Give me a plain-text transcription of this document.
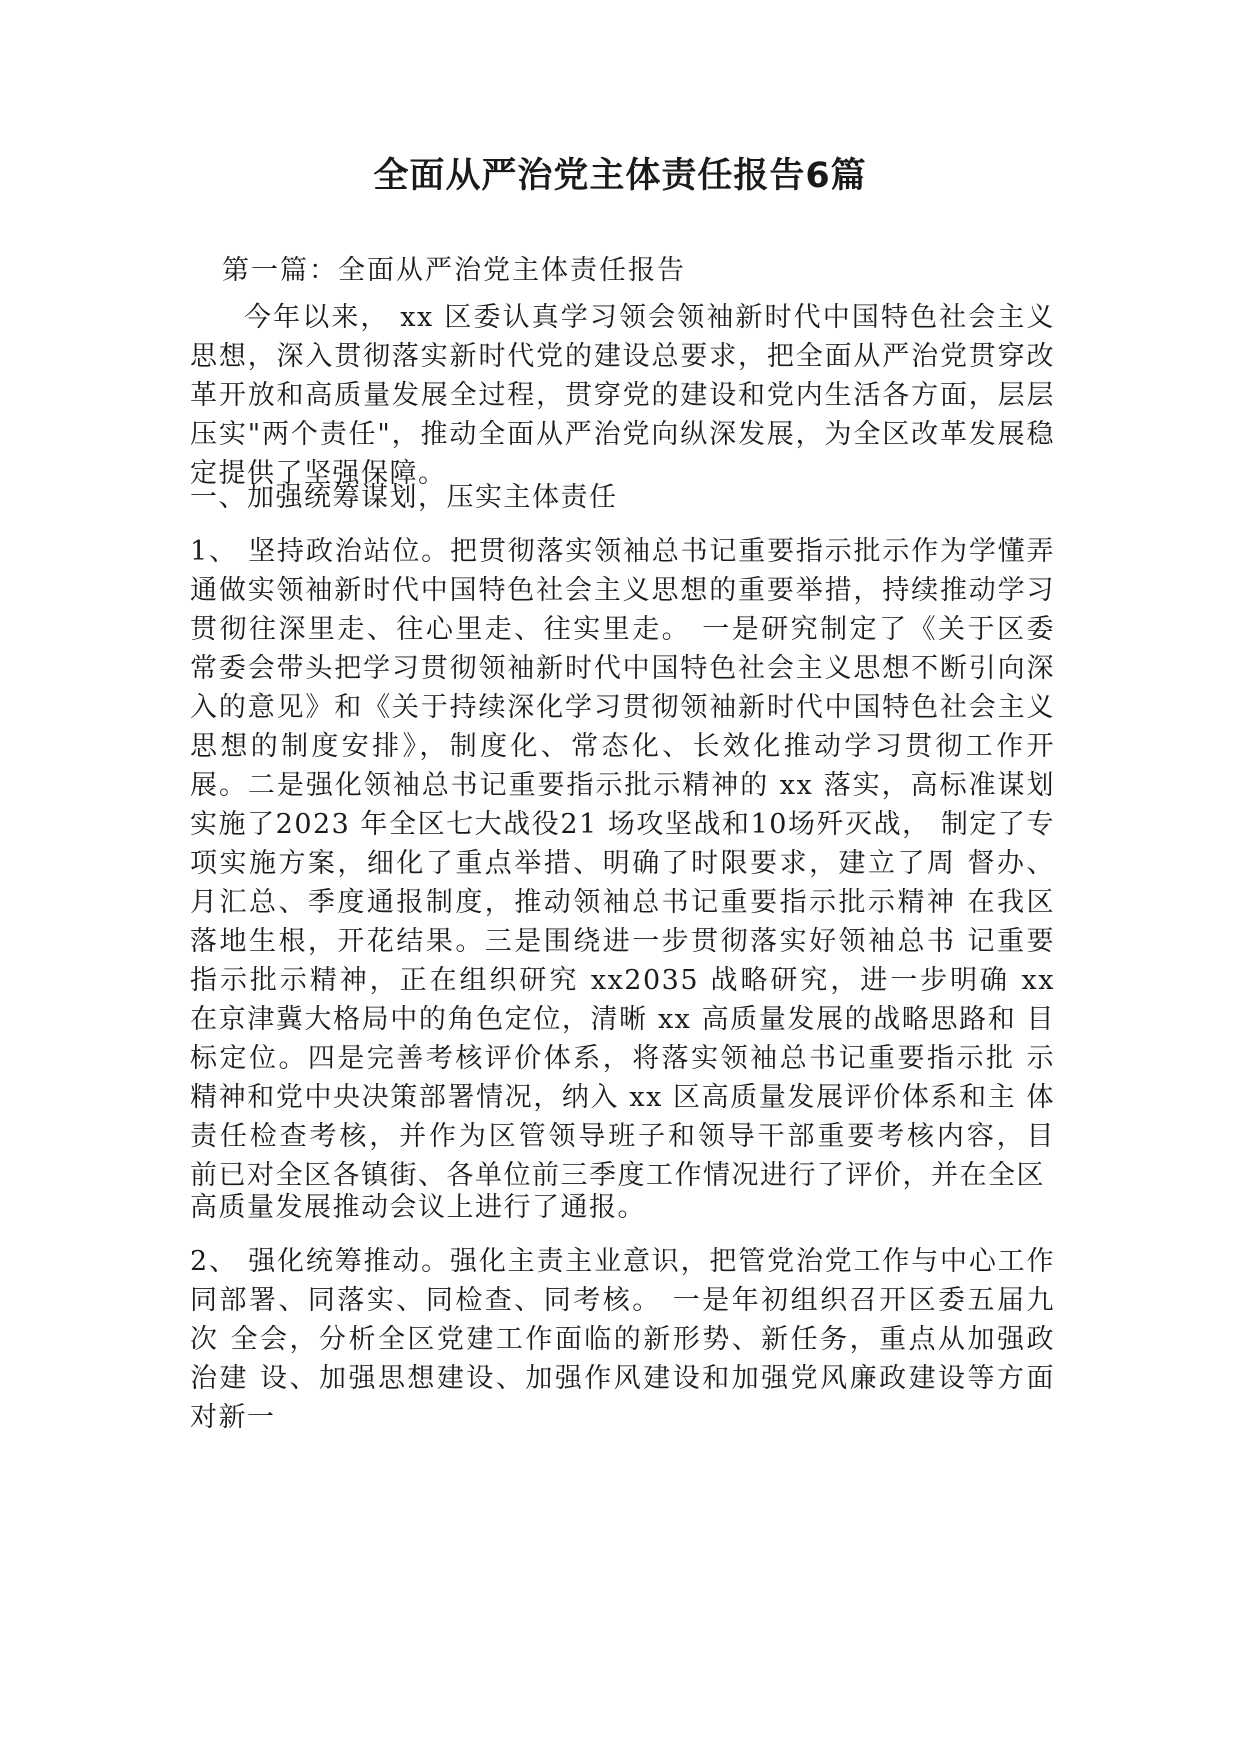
全面从严治党主体责任报告6篇

第一篇：全面从严治党主体责任报告

今年以来， xx 区委认真学习领会领袖新时代中国特色社会主义思想，深入贯彻落实新时代党的建设总要求，把全面从严治党贯穿改革开放和高质量发展全过程，贯穿党的建设和党内生活各方面，层层压实"两个责任"，推动全面从严治党向纵深发展，为全区改革发展稳定提供了坚强保障。

一、加强统筹谋划，压实主体责任

1、 坚持政治站位。把贯彻落实领袖总书记重要指示批示作为学懂弄通做实领袖新时代中国特色社会主义思想的重要举措，持续推动学习贯彻往深里走、往心里走、往实里走。 一是研究制定了《关于区委常委会带头把学习贯彻领袖新时代中国特色社会主义思想不断引向深入的意见》和《关于持续深化学习贯彻领袖新时代中国特色社会主义思想的制度安排》，制度化、常态化、长效化推动学习贯彻工作开展。二是强化领袖总书记重要指示批示精神的 xx 落实，高标准谋划实施了2023 年全区七大战役21 场攻坚战和10场歼灭战， 制定了专项实施方案，细化了重点举措、明确了时限要求，建立了周 督办、月汇总、季度通报制度，推动领袖总书记重要指示批示精神 在我区落地生根，开花结果。三是围绕进一步贯彻落实好领袖总书 记重要指示批示精神，正在组织研究 xx2035 战略研究，进一步明确 xx 在京津冀大格局中的角色定位，清晰 xx 高质量发展的战略思路和 目标定位。四是完善考核评价体系，将落实领袖总书记重要指示批 示精神和党中央决策部署情况，纳入 xx 区高质量发展评价体系和主 体责任检查考核，并作为区管领导班子和领导干部重要考核内容，目 前已对全区各镇街、各单位前三季度工作情况进行了评价，并在全区

高质量发展推动会议上进行了通报。

2、 强化统筹推动。强化主责主业意识，把管党治党工作与中心工作 同部署、同落实、同检查、同考核。 一是年初组织召开区委五届九次 全会，分析全区党建工作面临的新形势、新任务，重点从加强政治建 设、加强思想建设、加强作风建设和加强党风廉政建设等方面对新一
